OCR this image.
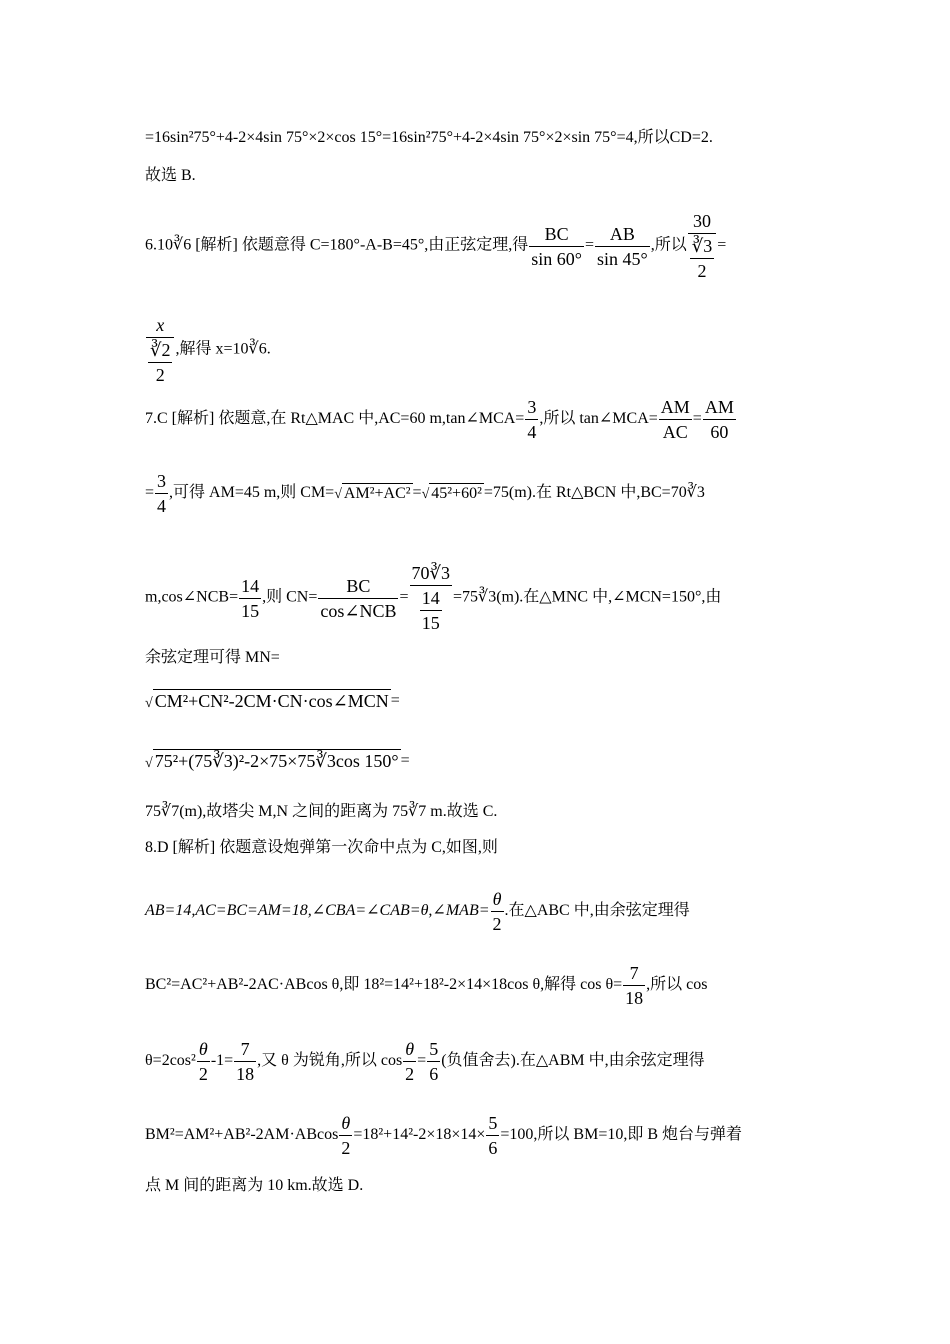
=16sin²75°+4-2×4sin 75°×2×cos 15°=16sin²75°+4-2×4sin 75°×2×sin 75°=4,所以CD=2.
故选 B.
6.10∛6 [解析] 依题意得 C=180°-A-B=45°,由正弦定理,得 $\frac{BC}{\sin 60^\circ} = \frac{AB}{\sin 45^\circ}$ ,所以 $\frac{30}{\frac{∛3}{2}}$ =
$\frac{x}{\frac{∛2}{2}}$ ,解得 x=10∛6.
7.C [解析] 依题意,在 Rt△MAC 中,AC=60 m,tan∠MCA= $\frac{3}{4}$ ,所以 tan∠MCA= $\frac{AM}{AC} = \frac{AM}{60}$
= $\frac{3}{4}$ ,可得 AM=45 m,则 CM=√ AM²+AC² =√ 45²+60² =75(m).在 Rt△BCN 中,BC=70∛3
m,cos∠NCB= $\frac{14}{15}$ ,则 $CN= \frac{BC}{\text{cos∠NCB}} = \frac{70∛3}{\frac{14}{15}}$ =75∛3(m).在△MNC 中,∠MCN=150°,由
余弦定理可得 MN=
√ CM²+CN²-2CM·CN·cos∠MCN =
√ 75²+(75∛3)²-2×75×75∛3cos 150° =
75∛7(m),故塔尖 M,N 之间的距离为 75∛7 m.故选 C.
8.D [解析] 依题意设炮弹第一次命中点为 C,如图,则
AB=14,AC=BC=AM=18,∠CBA=∠CAB=θ,∠MAB= $\frac{\theta}{2}$ .在△ABC 中,由余弦定理得
BC²=AC²+AB²-2AC·ABcos θ,即 18²=14²+18²-2×14×18cos θ,解得 $\cos \theta= \frac{7}{18}$ ,所以 cos
$\theta=2\cos^2 \frac{\theta}{2} -1= \frac{7}{18}$ ,又 θ 为锐角,所以 $\cos \frac{\theta}{2} = \frac{5}{6}$ (负值舍去).在△ABM 中,由余弦定理得
$BM^2=AM^2+AB^2-2AM\cdot ABcos \frac{\theta}{2} =18^2+14^2-2\times 18\times 14\times \frac{5}{6} =100$,所以 BM=10,即 B 炮台与弹着
点 M 间的距离为 10 km.故选 D.
